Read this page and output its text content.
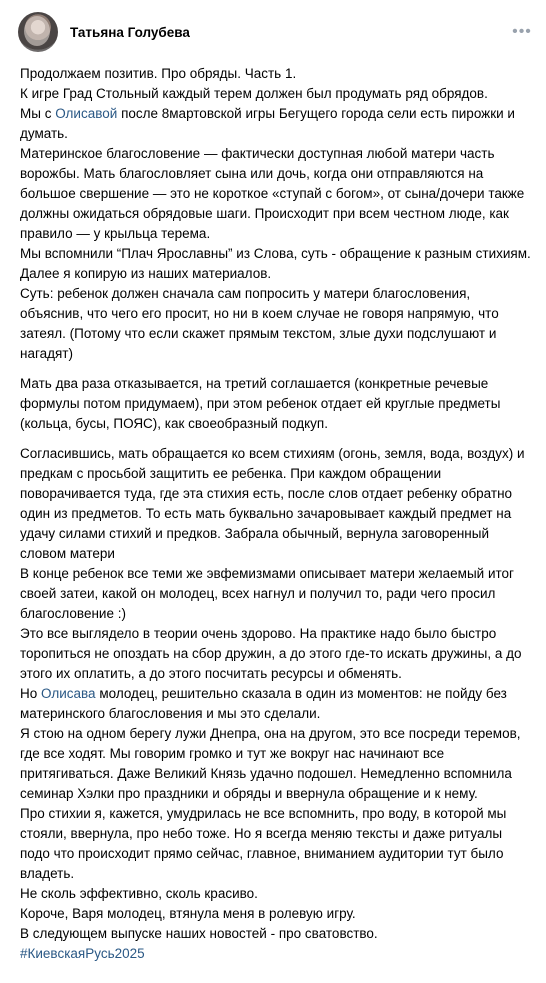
Татьяна Голубева	•••

Продолжаем позитив. Про обряды. Часть 1.

К игре Град Стольный каждый терем должен был продумать ряд обрядов.

Мы с Олисавой после 8мартовской игры Бегущего города сели есть пирожки и думать.

Материнское благословение — фактически доступная любой матери часть ворожбы. Мать благословляет сына или дочь, когда они отправляются на большое свершение — это не короткое «ступай с богом», от сына/дочери также должны ожидаться обрядовые шаги. Происходит при всем честном люде, как правило — у крыльца терема.

Мы вспомнили “Плач Ярославны” из Слова, суть - обращение к разным стихиям. Далее я копирую из наших материалов.

Суть: ребенок должен сначала сам попросить у матери благословения, объяснив, что чего его просит, но ни в коем случае не говоря напрямую, что затеял. (Потому что если скажет прямым текстом, злые духи подслушают и нагадят)

Мать два раза отказывается, на третий соглашается (конкретные речевые формулы потом придумаем), при этом ребенок отдает ей круглые предметы (кольца, бусы, ПОЯС), как своеобразный подкуп.

Согласившись, мать обращается ко всем стихиям (огонь, земля, вода, воздух) и предкам с просьбой защитить ее ребенка. При каждом обращении поворачивается туда, где эта стихия есть, после слов отдает ребенку обратно один из предметов. То есть мать буквально зачаровывает каждый предмет на удачу силами стихий и предков. Забрала обычный, вернула заговоренный словом матери

В конце ребенок все теми же эвфемизмами описывает матери желаемый итог своей затеи, какой он молодец, всех нагнул и получил то, ради чего просил благословение :)

Это все выглядело в теории очень здорово. На практике надо было быстро торопиться не опоздать на сбор дружин, а до этого где-то искать дружины, а до этого их оплатить, а до этого посчитать ресурсы и обменять.

Но Олисава молодец, решительно сказала в один из моментов: не пойду без материнского благословения и мы это сделали.

Я стою на одном берегу лужи Днепра, она на другом, это все посреди теремов, где все ходят. Мы говорим громко и тут же вокруг нас начинают все притягиваться. Даже Великий Князь удачно подошел. Немедленно вспомнила семинар Хэлки про праздники и обряды и ввернула обращение и к нему.

Про стихии я, кажется, умудрилась не все вспомнить, про воду, в которой мы стояли, ввернула, про небо тоже. Но я всегда меняю тексты и даже ритуалы подо что происходит прямо сейчас, главное, вниманием аудитории тут было владеть.

Не сколь эффективно, сколь красиво.

Короче, Варя молодец, втянула меня в ролевую игру.

В следующем выпуске наших новостей - про сватовство.

#КиевскаяРусь2025
